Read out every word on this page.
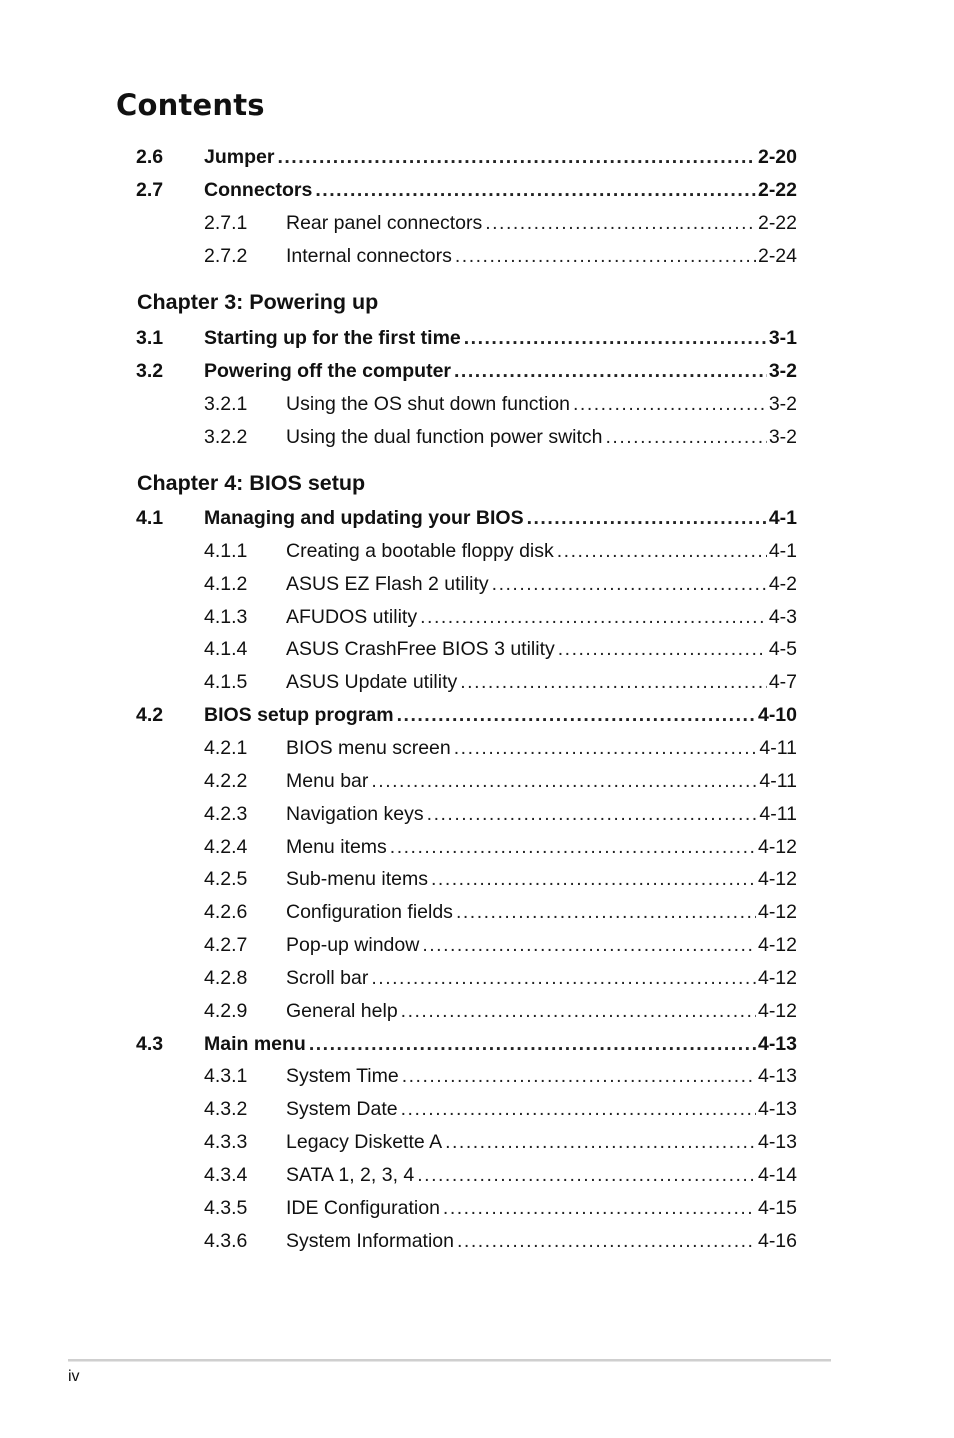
Contents
Chapter 3: Powering up
Chapter 4: BIOS setup
2.6 Jumper .....	2-20
2.7 Connectors .....	2-22
2.7.1 Rear panel connectors .....	2-22
2.7.2 Internal connectors .....	2-24
3.1 Starting up for the first time .....	3-1
3.2 Powering off the computer .....	3-2
3.2.1 Using the OS shut down function .....	3-2
3.2.2 Using the dual function power switch .....	3-2
4.1 Managing and updating your BIOS .....	4-1
4.1.1 Creating a bootable floppy disk .....	4-1
4.1.2 ASUS EZ Flash 2 utility .....	4-2
4.1.3 AFUDOS utility .....	4-3
4.1.4 ASUS CrashFree BIOS 3 utility .....	4-5
4.1.5 ASUS Update utility .....	4-7
4.2 BIOS setup program .....	4-10
4.2.1 BIOS menu screen .....	4-11
4.2.2 Menu bar .....	4-11
4.2.3 Navigation keys .....	4-11
4.2.4 Menu items .....	4-12
4.2.5 Sub-menu items .....	4-12
4.2.6 Configuration fields .....	4-12
4.2.7 Pop-up window .....	4-12
4.2.8 Scroll bar .....	4-12
4.2.9 General help .....	4-12
4.3 Main menu .....	4-13
4.3.1 System Time .....	4-13
4.3.2 System Date .....	4-13
4.3.3 Legacy Diskette A .....	4-13
4.3.4 SATA 1, 2, 3, 4 .....	4-14
4.3.5 IDE Configuration .....	4-15
4.3.6 System Information .....	4-16
iv
